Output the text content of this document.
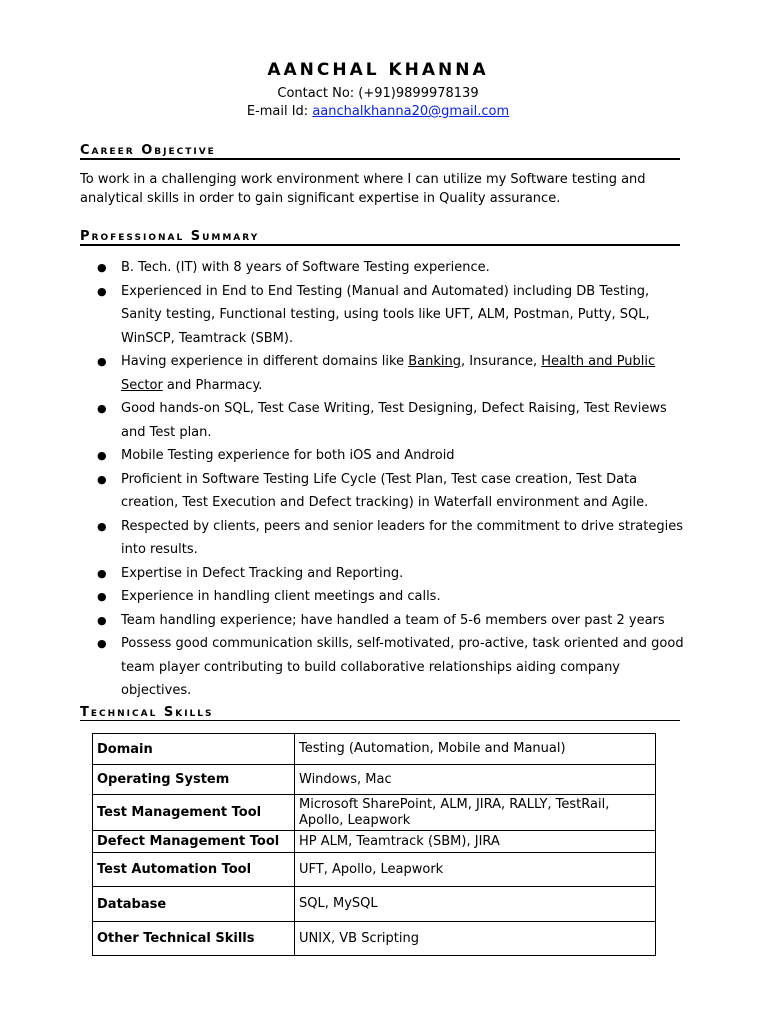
AANCHAL KHANNA
Contact No: (+91)9899978139
E-mail Id: aanchalkhanna20@gmail.com
Career Objective
To work in a challenging work environment where I can utilize my Software testing and analytical skills in order to gain significant expertise in Quality assurance.
Professional Summary
● B. Tech. (IT) with 8 years of Software Testing experience.
● Experienced in End to End Testing (Manual and Automated) including DB Testing, Sanity testing, Functional testing, using tools like UFT, ALM, Postman, Putty, SQL, WinSCP, Teamtrack (SBM).
● Having experience in different domains like Banking, Insurance, Health and Public Sector and Pharmacy.
● Good hands-on SQL, Test Case Writing, Test Designing, Defect Raising, Test Reviews and Test plan.
● Mobile Testing experience for both iOS and Android
● Proficient in Software Testing Life Cycle (Test Plan, Test case creation, Test Data creation, Test Execution and Defect tracking) in Waterfall environment and Agile.
● Respected by clients, peers and senior leaders for the commitment to drive strategies into results.
● Expertise in Defect Tracking and Reporting.
● Experience in handling client meetings and calls.
● Team handling experience; have handled a team of 5-6 members over past 2 years
● Possess good communication skills, self-motivated, pro-active, task oriented and good team player contributing to build collaborative relationships aiding company objectives.
Technical Skills
Domain	Testing (Automation, Mobile and Manual)
Operating System	Windows, Mac
Test Management Tool	Microsoft SharePoint, ALM, JIRA, RALLY, TestRail, Apollo, Leapwork
Defect Management Tool	HP ALM, Teamtrack (SBM), JIRA
Test Automation Tool	UFT, Apollo, Leapwork
Database	SQL, MySQL
Other Technical Skills	UNIX, VB Scripting
